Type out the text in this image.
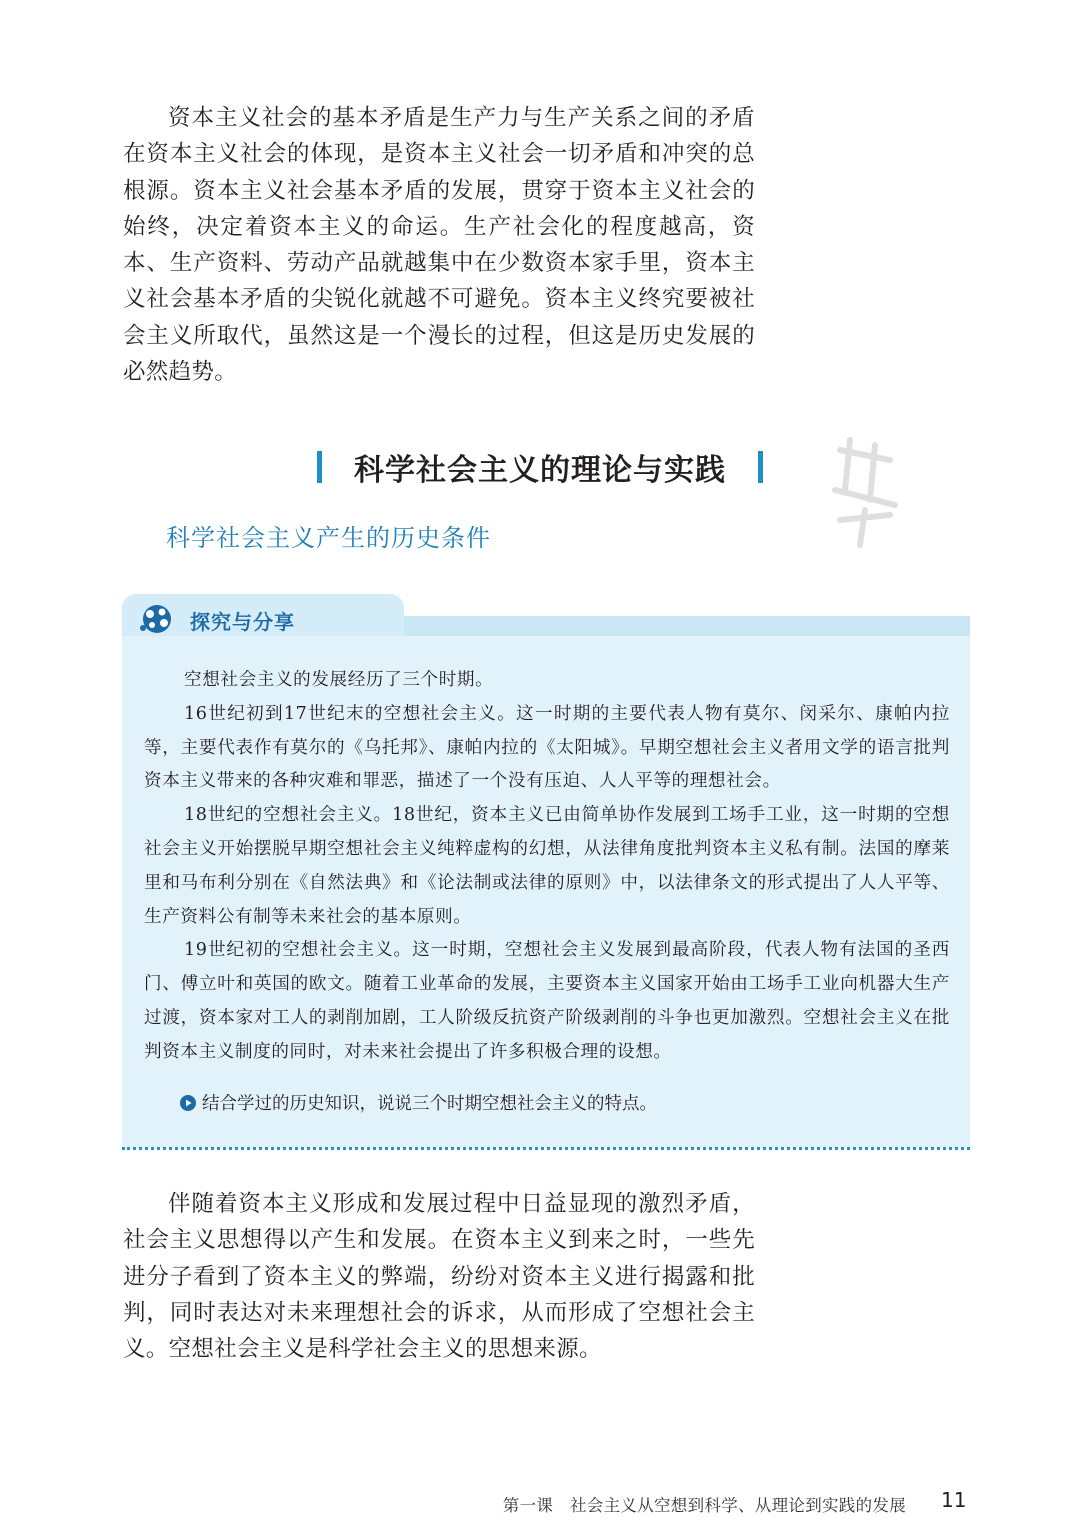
资本主义社会的基本矛盾是生产力与生产关系之间的矛盾在资本主义社会的体现，是资本主义社会一切矛盾和冲突的总根源。资本主义社会基本矛盾的发展，贯穿于资本主义社会的始终，决定着资本主义的命运。生产社会化的程度越高，资本、生产资料、劳动产品就越集中在少数资本家手里，资本主义社会基本矛盾的尖锐化就越不可避免。资本主义终究要被社会主义所取代，虽然这是一个漫长的过程，但这是历史发展的必然趋势。

科学社会主义的理论与实践
科学社会主义产生的历史条件
探究与分享

空想社会主义的发展经历了三个时期。

16世纪初到17世纪末的空想社会主义。这一时期的主要代表人物有莫尔、闵采尔、康帕内拉等，主要代表作有莫尔的《乌托邦》、康帕内拉的《太阳城》。早期空想社会主义者用文学的语言批判资本主义带来的各种灾难和罪恶，描述了一个没有压迫、人人平等的理想社会。

18世纪的空想社会主义。18世纪，资本主义已由简单协作发展到工场手工业，这一时期的空想社会主义开始摆脱早期空想社会主义纯粹虚构的幻想，从法律角度批判资本主义私有制。法国的摩莱里和马布利分别在《自然法典》和《论法制或法律的原则》中，以法律条文的形式提出了人人平等、生产资料公有制等未来社会的基本原则。

19世纪初的空想社会主义。这一时期，空想社会主义发展到最高阶段，代表人物有法国的圣西门、傅立叶和英国的欧文。随着工业革命的发展，主要资本主义国家开始由工场手工业向机器大生产过渡，资本家对工人的剥削加剧，工人阶级反抗资产阶级剥削的斗争也更加激烈。空想社会主义在批判资本主义制度的同时，对未来社会提出了许多积极合理的设想。

结合学过的历史知识，说说三个时期空想社会主义的特点。

伴随着资本主义形成和发展过程中日益显现的激烈矛盾，社会主义思想得以产生和发展。在资本主义到来之时，一些先进分子看到了资本主义的弊端，纷纷对资本主义进行揭露和批判，同时表达对未来理想社会的诉求，从而形成了空想社会主义。空想社会主义是科学社会主义的思想来源。

第一课　社会主义从空想到科学、从理论到实践的发展 11
